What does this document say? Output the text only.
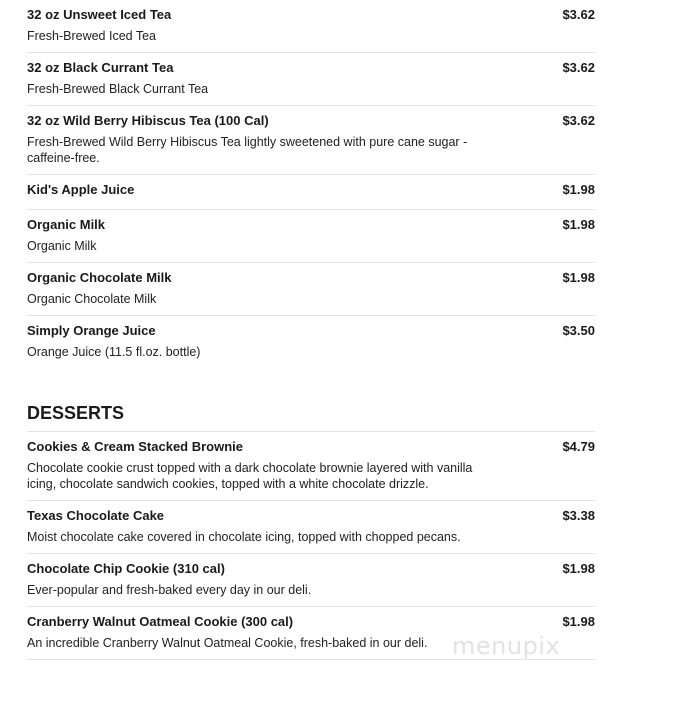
32 oz Unsweet Iced Tea	$3.62
Fresh-Brewed Iced Tea
32 oz Black Currant Tea	$3.62
Fresh-Brewed Black Currant Tea
32 oz Wild Berry Hibiscus Tea (100 Cal)	$3.62
Fresh-Brewed Wild Berry Hibiscus Tea lightly sweetened with pure cane sugar - caffeine-free.
Kid's Apple Juice	$1.98
Organic Milk	$1.98
Organic Milk
Organic Chocolate Milk	$1.98
Organic Chocolate Milk
Simply Orange Juice	$3.50
Orange Juice (11.5 fl.oz. bottle)
DESSERTS
Cookies & Cream Stacked Brownie	$4.79
Chocolate cookie crust topped with a dark chocolate brownie layered with vanilla icing, chocolate sandwich cookies, topped with a white chocolate drizzle.
Texas Chocolate Cake	$3.38
Moist chocolate cake covered in chocolate icing, topped with chopped pecans.
Chocolate Chip Cookie (310 cal)	$1.98
Ever-popular and fresh-baked every day in our deli.
Cranberry Walnut Oatmeal Cookie (300 cal)	$1.98
An incredible Cranberry Walnut Oatmeal Cookie, fresh-baked in our deli.	menupix
